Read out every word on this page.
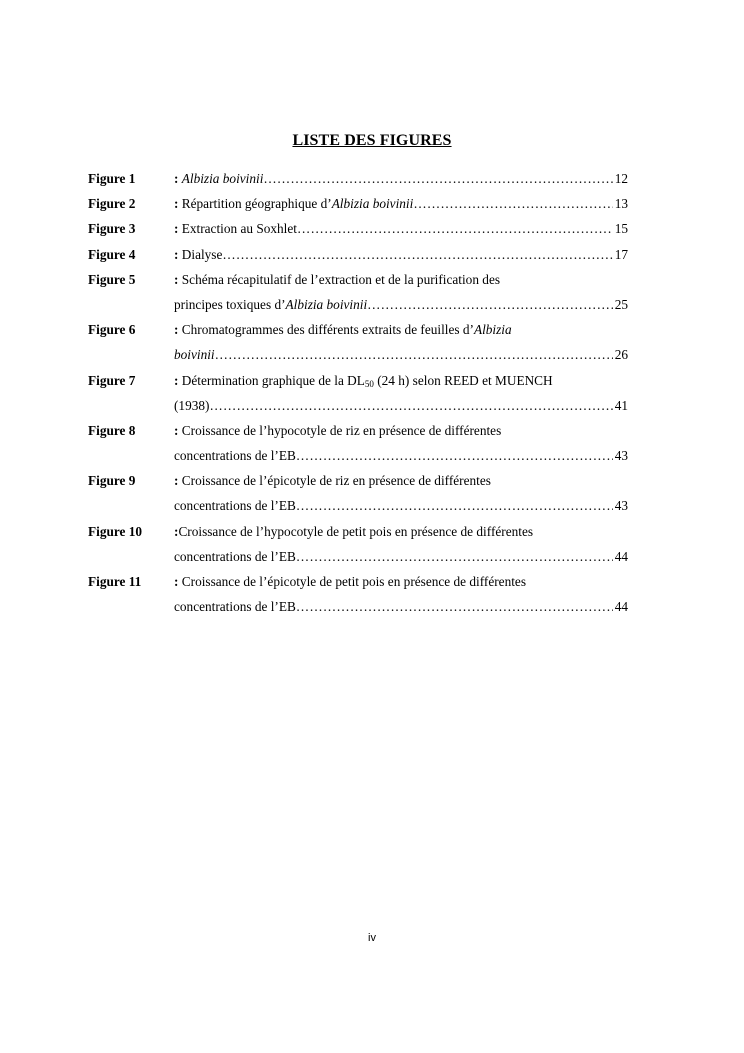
LISTE DES FIGURES
Figure 1	: Albizia boivinii ……………………………………………………………………………………………………………………………………………………………	12
Figure 2	: Répartition géographique d’Albizia boivinii ……………………………………………………………………………………………………………………………………………………………	13
Figure 3	: Extraction au Soxhlet ……………………………………………………………………………………………………………………………………………………………	15
Figure 4	: Dialyse ……………………………………………………………………………………………………………………………………………………………	17
Figure 5	: Schéma récapitulatif de l’extraction et de la purification des
principes toxiques d’Albizia boivinii ……………………………………………………………………………………………………………………………………………………………	25
Figure 6	: Chromatogrammes des différents extraits de feuilles d’Albizia
boivinii ……………………………………………………………………………………………………………………………………………………………	26
Figure 7	: Détermination graphique de la $DL_{50}$ (24 h) selon REED et MUENCH
(1938) ……………………………………………………………………………………………………………………………………………………………	41
Figure 8	: Croissance de l’hypocotyle de riz en présence de différentes
concentrations de l’EB ……………………………………………………………………………………………………………………………………………………………	43
Figure 9	: Croissance de l’épicotyle de riz en présence de différentes
concentrations de l’EB ……………………………………………………………………………………………………………………………………………………………	43
Figure 10 :Croissance de l’hypocotyle de petit pois en présence de différentes
concentrations de l’EB ……………………………………………………………………………………………………………………………………………………………	44
Figure 11 : Croissance de l’épicotyle de petit pois en présence de différentes
concentrations de l’EB ……………………………………………………………………………………………………………………………………………………………	44
iv
